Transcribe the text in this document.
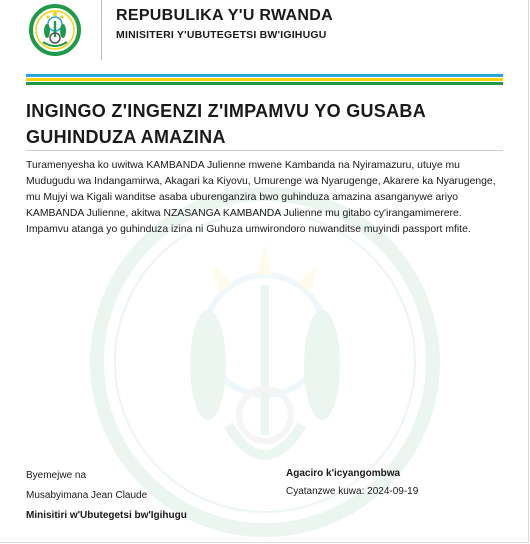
REPUBULIKA Y'U RWANDA
MINISITERI Y'UBUTEGETSI BW'IGIHUGU
INGINGO Z'INGENZI Z'IMPAMVU YO GUSABA GUHINDUZA AMAZINA
Turamenyesha ko uwitwa KAMBANDA Julienne mwene Kambanda na Nyiramazuru, utuye mu Mudugudu wa Indangamirwa, Akagari ka Kiyovu, Umurenge wa Nyarugenge, Akarere ka Nyarugenge, mu Mujyi wa Kigali wanditse asaba uburenganzira bwo guhinduza amazina asanganywe ariyo KAMBANDA Julienne, akitwa NZASANGA KAMBANDA Julienne mu gitabo cy'irangamimerere. Impamvu atanga yo guhinduza izina ni Guhuza umwirondoro nuwanditse muyindi passport mfite.
Byemejwe na
Musabyimana Jean Claude
Minisitiri w'Ubutegetsi bw'Igihugu
Agaciro k'icyangombwa
Cyatanzwe kuwa: 2024-09-19
